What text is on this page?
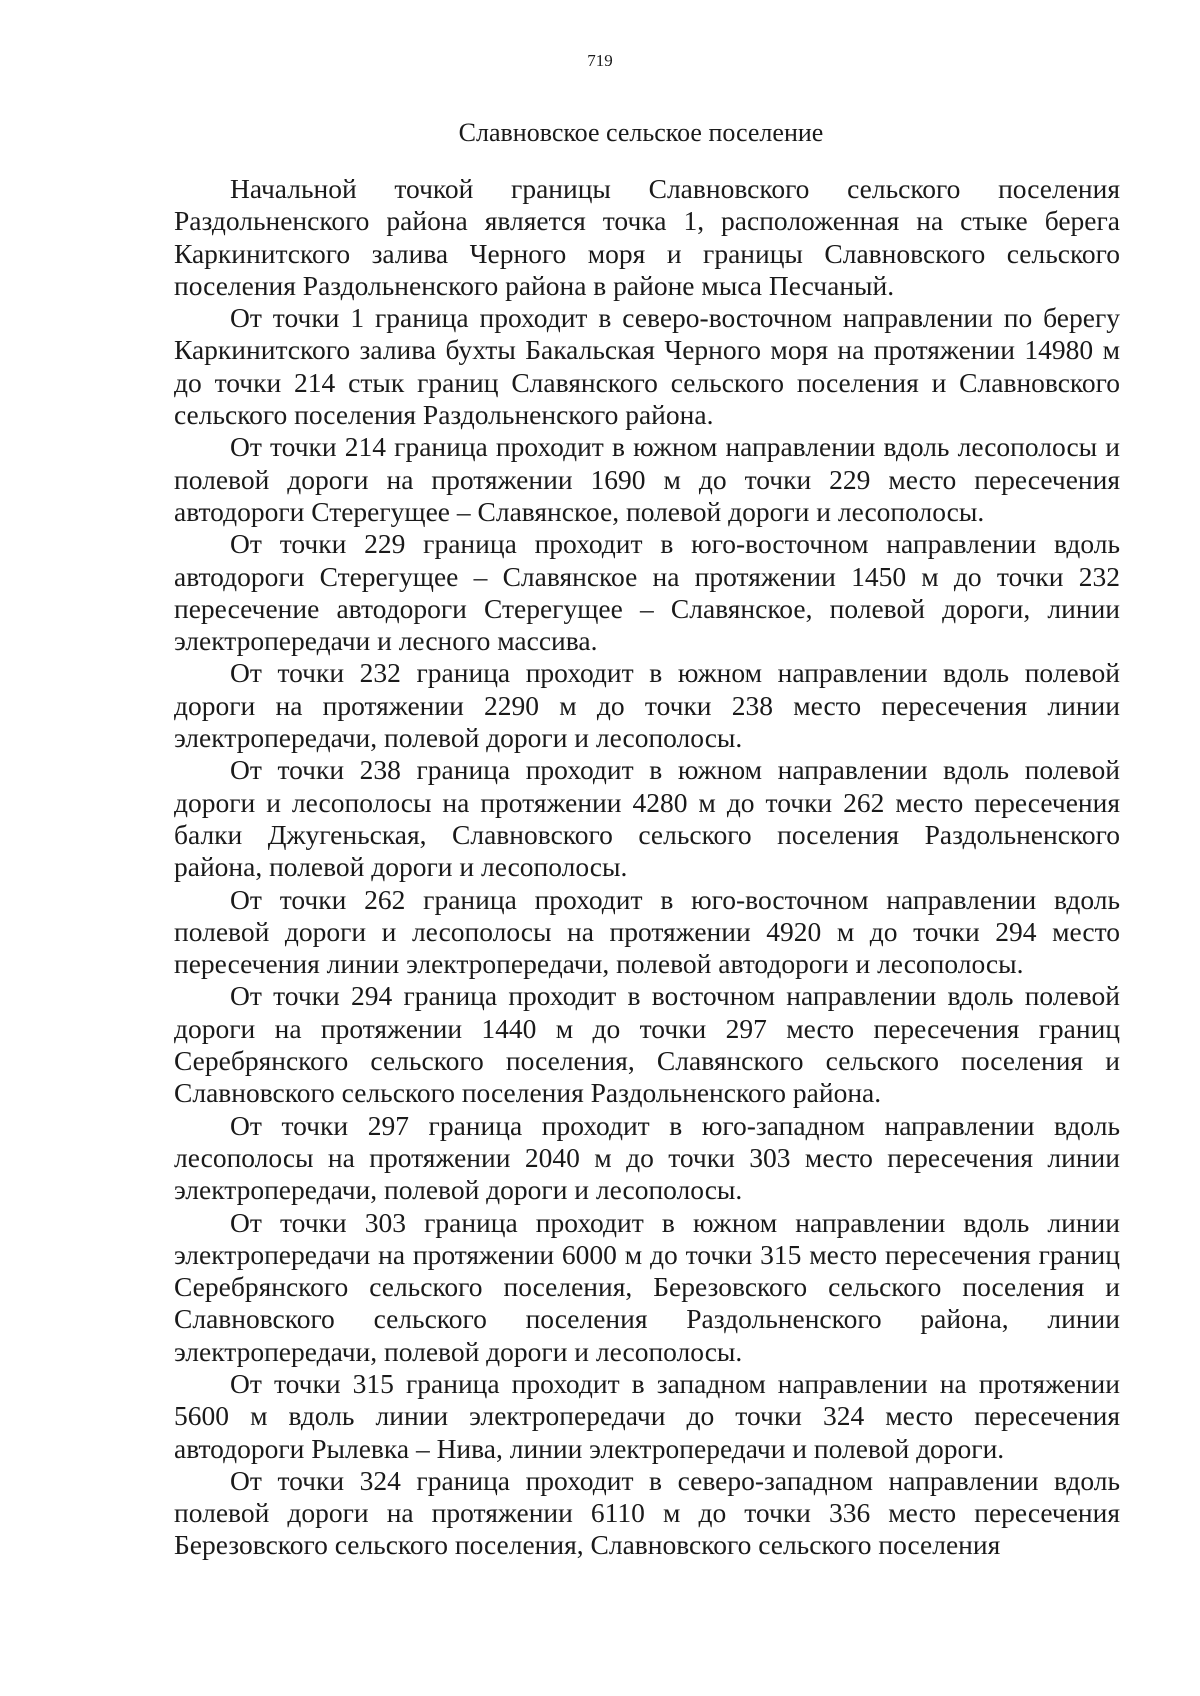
719
Славновское сельское поселение

Начальной точкой границы Славновского сельского поселения Раздольненского района является точка 1, расположенная на стыке берега Каркинитского залива Черного моря и границы Славновского сельского поселения Раздольненского района в районе мыса Песчаный.

От точки 1 граница проходит в северо-восточном направлении по берегу Каркинитского залива бухты Бакальская Черного моря на протяжении 14980 м до точки 214 стык границ Славянского сельского поселения и Славновского сельского поселения Раздольненского района.

От точки 214 граница проходит в южном направлении вдоль лесополосы и полевой дороги на протяжении 1690 м до точки 229 место пересечения автодороги Стерегущее – Славянское, полевой дороги и лесополосы.

От точки 229 граница проходит в юго-восточном направлении вдоль автодороги Стерегущее – Славянское на протяжении 1450 м до точки 232 пересечение автодороги Стерегущее – Славянское, полевой дороги, линии электропередачи и лесного массива.

От точки 232 граница проходит в южном направлении вдоль полевой дороги на протяжении 2290 м до точки 238 место пересечения линии электропередачи, полевой дороги и лесополосы.

От точки 238 граница проходит в южном направлении вдоль полевой дороги и лесополосы на протяжении 4280 м до точки 262 место пересечения балки Джугеньская, Славновского сельского поселения Раздольненского района, полевой дороги и лесополосы.

От точки 262 граница проходит в юго-восточном направлении вдоль полевой дороги и лесополосы на протяжении 4920 м до точки 294 место пересечения линии электропередачи, полевой автодороги и лесополосы.

От точки 294 граница проходит в восточном направлении вдоль полевой дороги на протяжении 1440 м до точки 297 место пересечения границ Серебрянского сельского поселения, Славянского сельского поселения и Славновского сельского поселения Раздольненского района.

От точки 297 граница проходит в юго-западном направлении вдоль лесополосы на протяжении 2040 м до точки 303 место пересечения линии электропередачи, полевой дороги и лесополосы.

От точки 303 граница проходит в южном направлении вдоль линии электропередачи на протяжении 6000 м до точки 315 место пересечения границ Серебрянского сельского поселения, Березовского сельского поселения и Славновского сельского поселения Раздольненского района, линии электропередачи, полевой дороги и лесополосы.

От точки 315 граница проходит в западном направлении на протяжении 5600 м вдоль линии электропередачи до точки 324 место пересечения автодороги Рылевка – Нива, линии электропередачи и полевой дороги.

От точки 324 граница проходит в северо-западном направлении вдоль полевой дороги на протяжении 6110 м до точки 336 место пересечения Березовского сельского поселения, Славновского сельского поселения
